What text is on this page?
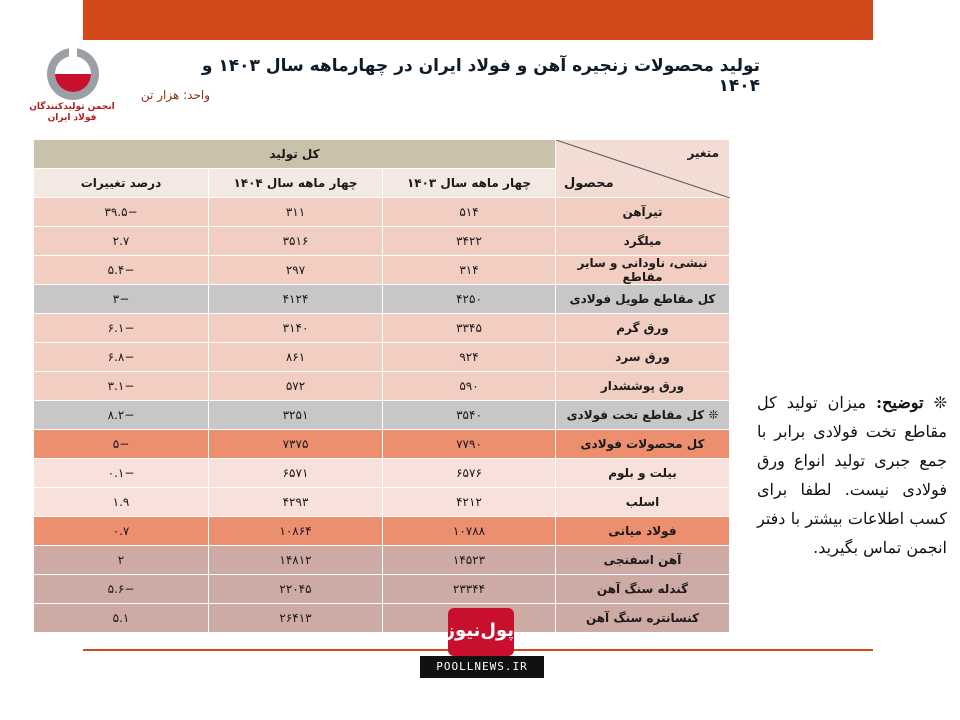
انجمن تولیدکنندگان فولاد ایران
تولید محصولات زنجیره آهن و فولاد ایران در چهارماهه سال ۱۴۰۳ و ۱۴۰۴
واحد: هزار تن
متغیر
محصول	کل تولید		
	چهار ماهه سال ۱۴۰۳	چهار ماهه سال ۱۴۰۴	درصد تغییرات
تیرآهن	۵۱۴	۳۱۱	−۳۹.۵
میلگرد	۳۴۲۲	۳۵۱۶	۲.۷
نبشی، ناودانی و سایر مقاطع	۳۱۴	۲۹۷	−۵.۴
کل مقاطع طویل فولادی	۴۲۵۰	۴۱۲۴	−۳
ورق گرم	۳۳۴۵	۳۱۴۰	−۶.۱
ورق سرد	۹۲۴	۸۶۱	−۶.۸
ورق پوششدار	۵۹۰	۵۷۲	−۳.۱
❊ کل مقاطع تخت فولادی	۳۵۴۰	۳۲۵۱	−۸.۲
کل محصولات فولادی	۷۷۹۰	۷۳۷۵	−۵
بیلت و بلوم	۶۵۷۶	۶۵۷۱	−۰.۱
اسلب	۴۲۱۲	۴۲۹۳	۱.۹
فولاد میانی	۱۰۷۸۸	۱۰۸۶۴	۰.۷
آهن اسفنجی	۱۴۵۲۳	۱۴۸۱۲	۲
گندله سنگ آهن	۲۳۳۴۴	۲۲۰۴۵	−۵.۶
کنسانتره سنگ آهن		۲۶۴۱۳	۵.۱
❊ توضیح: میزان تولید کل مقاطع تخت فولادی برابر با جمع جبری تولید انواع ورق فولادی نیست. لطفا برای کسب اطلاعات بیشتر با دفتر انجمن تماس بگیرید.
پول‌نیوز
POOLLNEWS.IR
